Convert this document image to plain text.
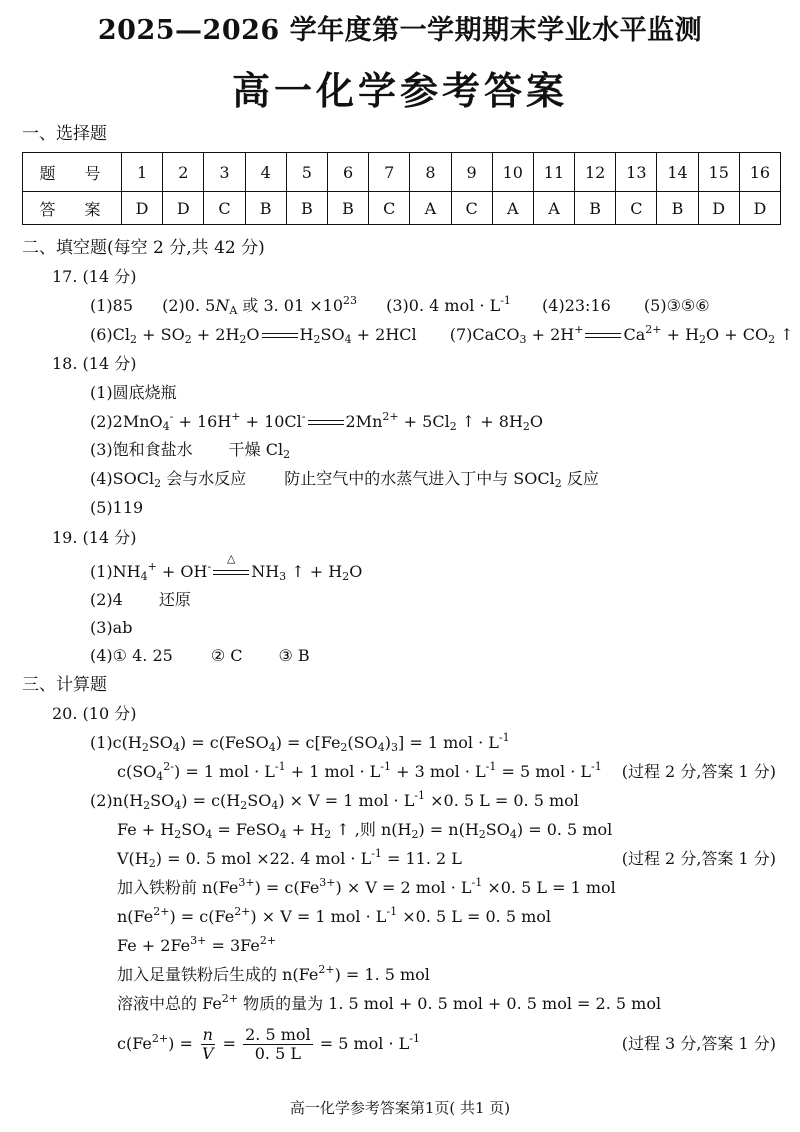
2025—2026 学年度第一学期期末学业水平监测
高一化学参考答案
一、选择题
题 号	1	2	3	4	5	6	7	8	9	10	11	12	13	14	15	16
答 案	D	D	C	B	B	B	C	A	C	A	A	B	C	B	D	D
二、填空题(每空 2 分,共 42 分)
17. (14 分)
(1)85 (2)0. $5N_A$ 或 3. $01 \times 10^{23}$ (3)0. 4 mol · $L^{-1}$ (4)23:16 (5)③⑤⑥
$(6)Cl_2 + SO_2 + 2H_2O$	$H_2SO_4 + 2HCl$ (7)CaCO$_3$ + 2H+	$Ca^{2+} + H_2O + CO_2$ ↑
18. (14 分)
(1)圆底烧瓶
(2)2MnO$_4$- + 16H+ + 10Cl-	$2Mn^{2+} + 5Cl_2$ ↑ + $8H_2O$
(3)饱和食盐水 干燥 $Cl_2$
(4)SOCl$_2$ 会与水反应 防止空气中的水蒸气进入丁中与 SOCl$_2$ 反应
(5)119
19. (14 分)
$(1)NH_4^+ + OH^-$
△
$NH_3$ ↑ + $H_2O$
(2)4 还原
(3)ab
(4)① 4. 25 ② C ③ B
三、计算题
20. (10 分)
$(1)c(H_2SO_4)$ = c(FeSO$_4$) = $c[Fe_2(SO_4)_3] = 1$ mol · $L^{-1}$
$c(SO_4^{2-}) = 1$ mol · $L^{-1} + 1$ mol · $L^{-1} + 3$ mol · $L^{-1} = 5$ mol · $L^{-1}$	(过程 2 分,答案 1 分)
$(2)n(H_2SO_4) = c(H_2SO_4) \times V = 1$ mol · $L^{-1} \times 0$. 5 L = 0. 5 mol
$Fe + H_2SO_4$ = FeSO$_4$ + $H_2$ ↑ ,则 $n(H_2) = n(H_2SO_4) = 0$. 5 mol
$V(H_2) = 0$. 5 mol ×22. 4 mol · $L^{-1} = 11$. 2 L	(过程 2 分,答案 1 分)
加入铁粉前 $n(Fe^{3+}) = c(Fe^{3+}) \times V = 2$ mol · $L^{-1} \times 0$. 5 L = 1 mol
$n(Fe^{2+}) = c(Fe^{2+}) \times V = 1$ mol · $L^{-1} \times 0$. 5 L = 0. 5 mol
$Fe + 2Fe^{3+} = 3Fe^{2+}$
加入足量铁粉后生成的 $n(Fe^{2+}) = 1$. 5 mol
溶液中总的 $Fe^{2+}$ 物质的量为 1. 5 mol + 0. 5 mol + 0. 5 mol = 2. 5 mol
$c(Fe^{2+}) = \frac{n}{V} = \frac{\text{2. 5 mol}}{0. 5 L} = 5$ mol · $L^{-1}$	(过程 3 分,答案 1 分)
高一化学参考答案第1页( 共1 页)
